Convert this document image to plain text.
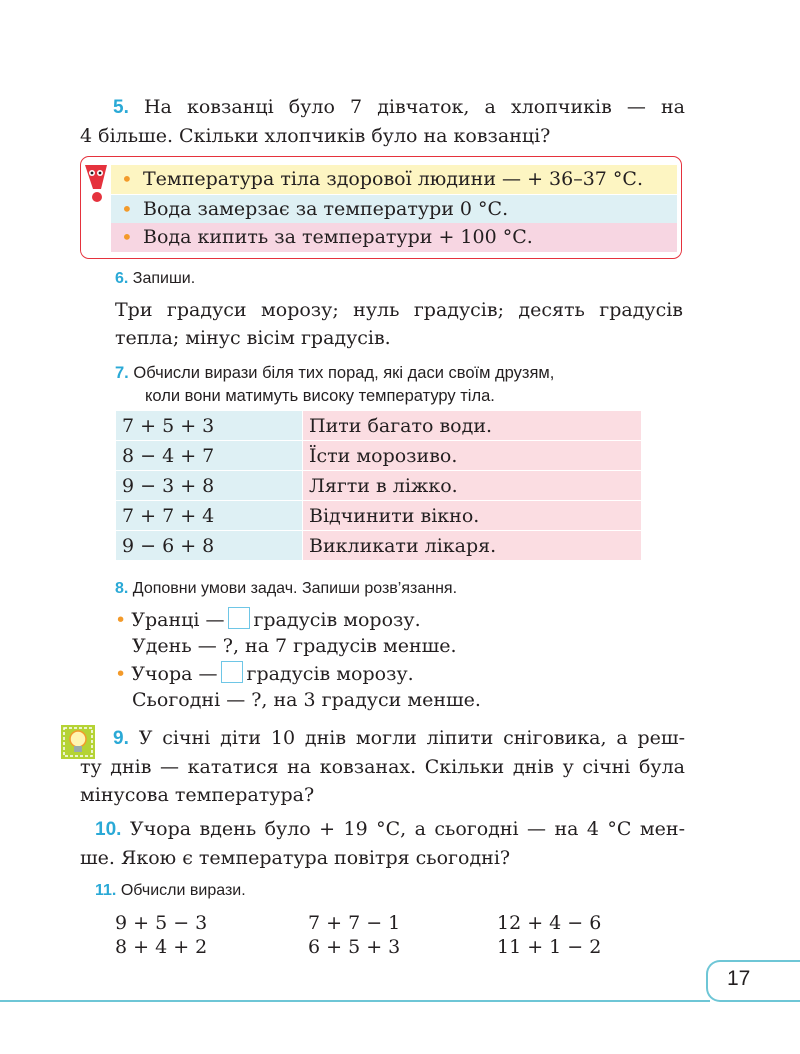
5. На ковзанці було 7 дівчаток, а хлопчиків — на
4 більше. Скільки хлопчиків було на ковзанці?
• Температура тіла здорової людини — + 36–37 °С.
• Вода замерзає за температури 0 °С.
• Вода кипить за температури + 100 °С.
6. Запиши.
Три градуси морозу; нуль градусів; десять градусів
тепла; мінус вісім градусів.
7. Обчисли вирази біля тих порад, які даси своїм друзям,
коли вони матимуть високу температуру тіла.
7 + 5 + 3	Пити багато води.
8 − 4 + 7	Їсти морозиво.
9 − 3 + 8	Лягти в ліжко.
7 + 7 + 4	Відчинити вікно.
9 − 6 + 8	Викликати лікаря.
8. Доповни умови задач. Запиши розв’язання.
• Уранці — градусів морозу.
Удень — ?, на 7 градусів менше.
• Учора — градусів морозу.
Сьогодні — ?, на 3 градуси менше.
9. У січні діти 10 днів могли ліпити сніговика, а реш-
ту днів — кататися на ковзанах. Скільки днів у січні була
мінусова температура?
10. Учора вдень було + 19 °С, а сьогодні — на 4 °С мен-
ше. Якою є температура повітря сьогодні?
11. Обчисли вирази.
9 + 5 − 3	7 + 7 − 1	12 + 4 − 6
8 + 4 + 2	6 + 5 + 3	11 + 1 − 2
17
